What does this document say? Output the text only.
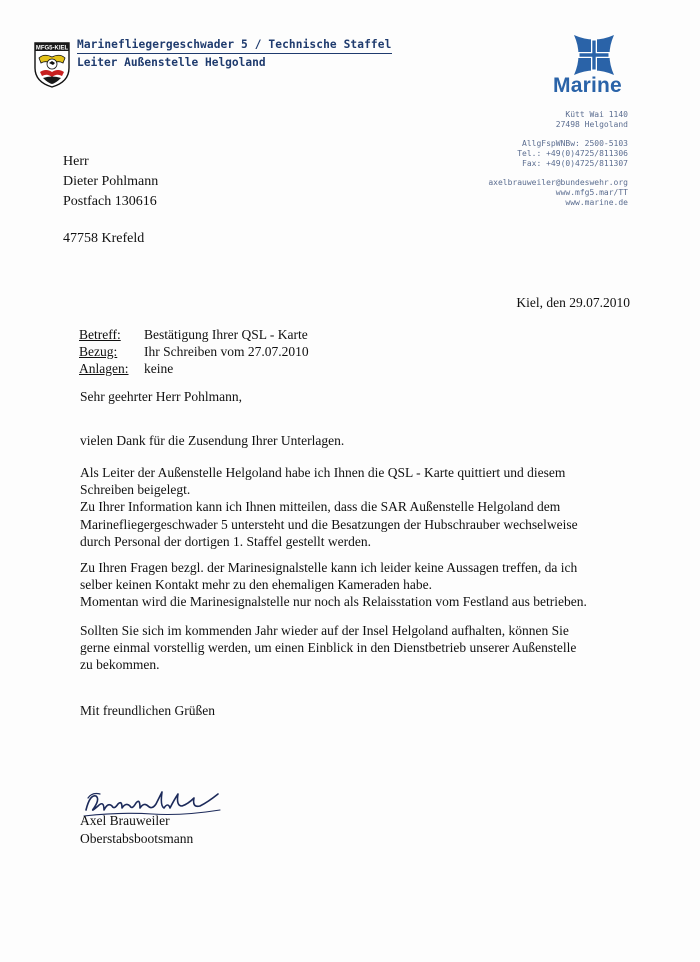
MFG5-KIEL Marinefliegergeschwader 5 / Technische Staffel
Leiter Außenstelle Helgoland
Marine
Kütt Wai 1140
27498 Helgoland
AllgFspWNBw: 2500-5103
Tel.: +49(0)4725/811306
Fax: +49(0)4725/811307
axelbrauweiler@bundeswehr.org
www.mfg5.mar/TT
www.marine.de
Herr
Dieter Pohlmann
Postfach 130616
47758 Krefeld
Kiel, den 29.07.2010
Betreff:	Bestätigung Ihrer QSL - Karte
Bezug:	Ihr Schreiben vom 27.07.2010
Anlagen:	keine
Sehr geehrter Herr Pohlmann,
vielen Dank für die Zusendung Ihrer Unterlagen.
Als Leiter der Außenstelle Helgoland habe ich Ihnen die QSL - Karte quittiert und diesem
Schreiben beigelegt.
Zu Ihrer Information kann ich Ihnen mitteilen, dass die SAR Außenstelle Helgoland dem
Marinefliegergeschwader 5 untersteht und die Besatzungen der Hubschrauber wechselweise
durch Personal der dortigen 1. Staffel gestellt werden.
Zu Ihren Fragen bezgl. der Marinesignalstelle kann ich leider keine Aussagen treffen, da ich
selber keinen Kontakt mehr zu den ehemaligen Kameraden habe.
Momentan wird die Marinesignalstelle nur noch als Relaisstation vom Festland aus betrieben.
Sollten Sie sich im kommenden Jahr wieder auf der Insel Helgoland aufhalten, können Sie
gerne einmal vorstellig werden, um einen Einblick in den Dienstbetrieb unserer Außenstelle
zu bekommen.
Mit freundlichen Grüßen
Axel Brauweiler
Oberstabsbootsmann
